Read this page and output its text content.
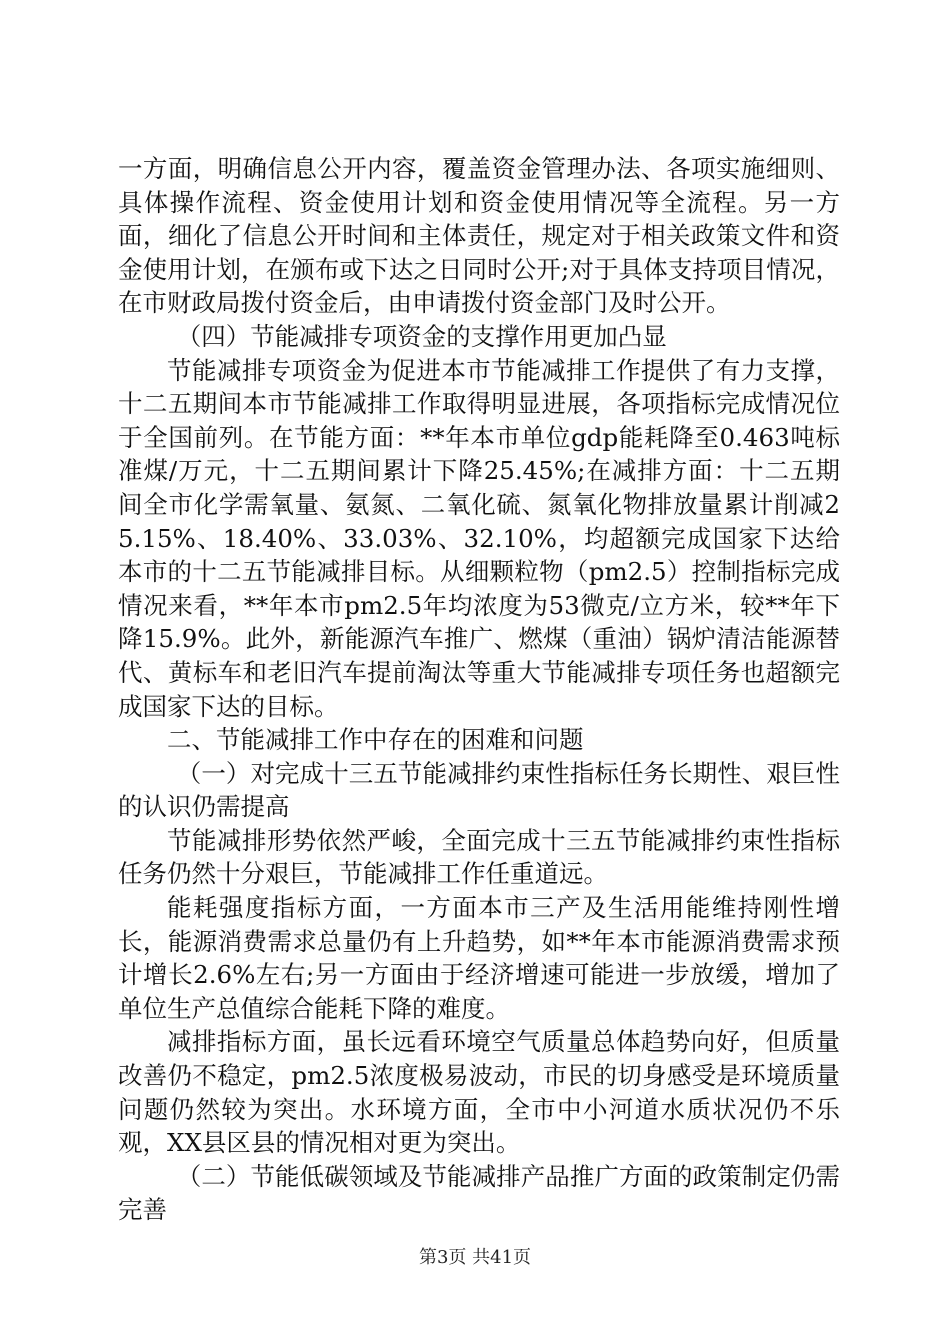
一方面，明确信息公开内容，覆盖资金管理办法、各项实施细则、具体操作流程、资金使用计划和资金使用情况等全流程。另一方面，细化了信息公开时间和主体责任，规定对于相关政策文件和资金使用计划，在颁布或下达之日同时公开;对于具体支持项目情况，在市财政局拨付资金后，由申请拨付资金部门及时公开。

（四）节能减排专项资金的支撑作用更加凸显

节能减排专项资金为促进本市节能减排工作提供了有力支撑，十二五期间本市节能减排工作取得明显进展，各项指标完成情况位于全国前列。在节能方面：**年本市单位gdp能耗降至0.463吨标准煤/万元，十二五期间累计下降25.45%;在减排方面：十二五期间全市化学需氧量、氨氮、二氧化硫、氮氧化物排放量累计削减25.15%、18.40%、33.03%、32.10%，均超额完成国家下达给本市的十二五节能减排目标。从细颗粒物（pm2.5）控制指标完成情况来看，**年本市pm2.5年均浓度为53微克/立方米，较**年下降15.9%。此外，新能源汽车推广、燃煤（重油）锅炉清洁能源替代、黄标车和老旧汽车提前淘汰等重大节能减排专项任务也超额完成国家下达的目标。

二、节能减排工作中存在的困难和问题

（一）对完成十三五节能减排约束性指标任务长期性、艰巨性的认识仍需提高

节能减排形势依然严峻，全面完成十三五节能减排约束性指标任务仍然十分艰巨，节能减排工作任重道远。

能耗强度指标方面，一方面本市三产及生活用能维持刚性增长，能源消费需求总量仍有上升趋势，如**年本市能源消费需求预计增长2.6%左右;另一方面由于经济增速可能进一步放缓，增加了单位生产总值综合能耗下降的难度。

减排指标方面，虽长远看环境空气质量总体趋势向好，但质量改善仍不稳定，pm2.5浓度极易波动，市民的切身感受是环境质量问题仍然较为突出。水环境方面，全市中小河道水质状况仍不乐观，XX县区县的情况相对更为突出。

（二）节能低碳领域及节能减排产品推广方面的政策制定仍需完善

第3页 共41页
